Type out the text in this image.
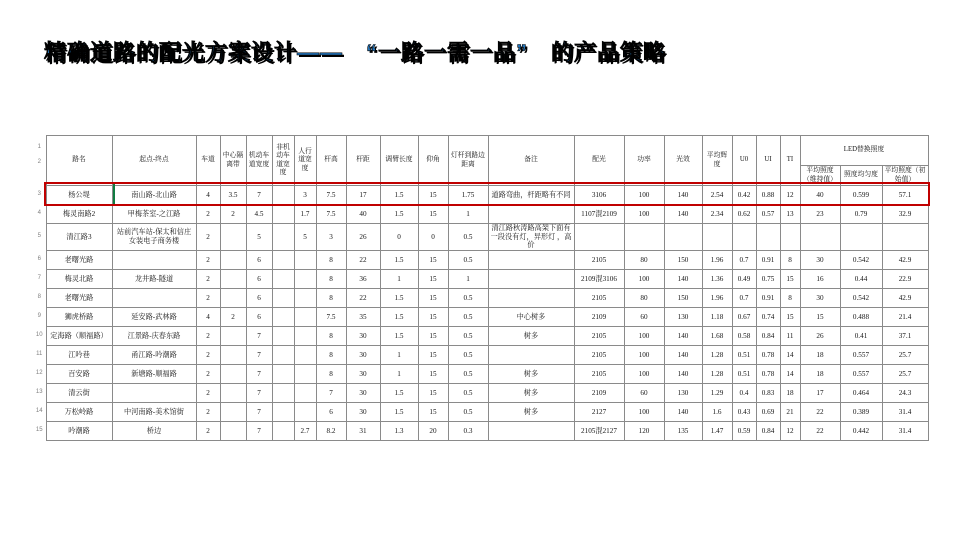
精确道路的配光方案设计——　“一路一需一品”　的产品策略
1
2	路名	起点-终点	车道	中心隔离带	机动车道宽度	非机动车道宽度	人行道宽度	杆高	杆距	调臂长度	仰角	灯杆到路边距离	备注	配光	功率	光效	平均辉度	U0	UI	TI	LED替换照度		
																					平均照度（维持值）	照度均匀度	平均照度（初始值）
3	杨公堤	南山路-北山路	4	3.5	7		3	7.5	17	1.5	15	1.75	道路弯曲，杆距略有不同	3106	100	140	2.54	0.42	0.88	12	40	0.599	57.1
4	梅灵南路2	甲梅茶室-之江路	2	2	4.5		1.7	7.5	40	1.5	15	1		1107混2109	100	140	2.34	0.62	0.57	13	23	0.79	32.9
5	清江路3	站前汽车站-保太和信庄女装电子商务楼	2		5		5	3	26	0	0	0.5	清江路秋涛路高架下面有一段没有灯，异形灯 ，高价										
6	老曙光路		2		6			8	22	1.5	15	0.5		2105	80	150	1.96	0.7	0.91	8	30	0.542	42.9
7	梅灵北路	龙井路-隧道	2		6			8	36	1	15	1		2109混3106	100	140	1.36	0.49	0.75	15	16	0.44	22.9
8	老曙光路		2		6			8	22	1.5	15	0.5		2105	80	150	1.96	0.7	0.91	8	30	0.542	42.9
9	狮虎桥路	延安路-武林路	4	2	6			7.5	35	1.5	15	0.5	中心树多	2109	60	130	1.18	0.67	0.74	15	15	0.488	21.4
10	定海路（顺福路）	江景路-庆春东路	2		7			8	30	1.5	15	0.5	树多	2105	100	140	1.68	0.58	0.84	11	26	0.41	37.1
11	江吟巷	甬江路-吟潮路	2		7			8	30	1	15	0.5		2105	100	140	1.28	0.51	0.78	14	18	0.557	25.7
12	百安路	新塘路-顺福路	2		7			8	30	1	15	0.5	树多	2105	100	140	1.28	0.51	0.78	14	18	0.557	25.7
13	清云街		2		7			7	30	1.5	15	0.5	树多	2109	60	130	1.29	0.4	0.83	18	17	0.464	24.3
14	万松岭路	中河南路-美术馆街	2		7			6	30	1.5	15	0.5	树多	2127	100	140	1.6	0.43	0.69	21	22	0.389	31.4
15	吟潮路	桥边	2		7		2.7	8.2	31	1.3	20	0.3		2105混2127	120	135	1.47	0.59	0.84	12	22	0.442	31.4
